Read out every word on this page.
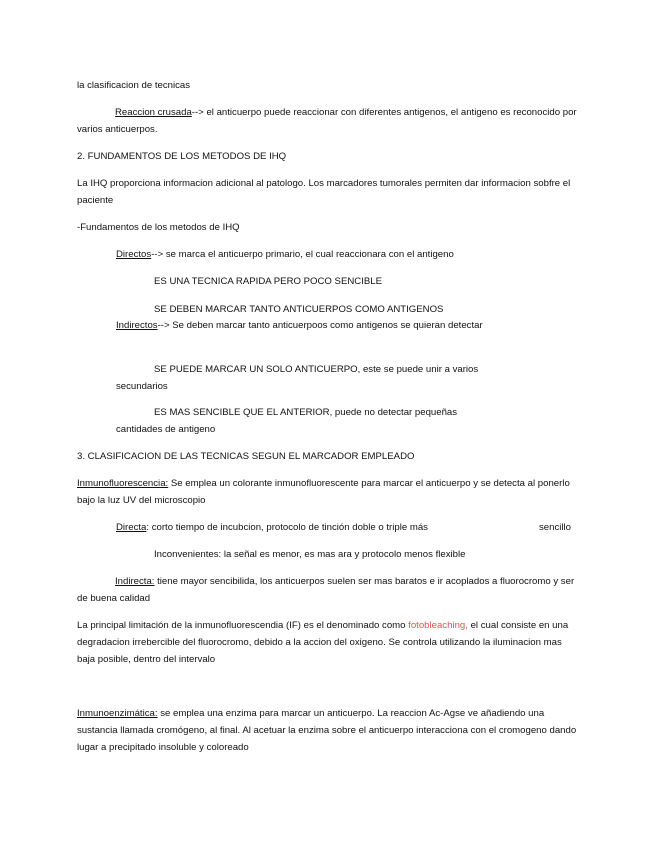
la clasificacion de tecnicas

Reaccion crusada--> el anticuerpo puede reaccionar con diferentes antigenos, el antigeno es reconocido por varios anticuerpos.

2. FUNDAMENTOS DE LOS METODOS DE IHQ

La IHQ proporciona informacion adicional al patologo. Los marcadores tumorales permiten dar informacion sobfre el paciente

-Fundamentos de los metodos de IHQ

Directos--> se marca el anticuerpo primario, el cual reaccionara con el antigeno

ES UNA TECNICA RAPIDA PERO POCO SENCIBLE

SE DEBEN MARCAR TANTO ANTICUERPOS COMO ANTIGENOS

Indirectos--> Se deben marcar tanto anticuerpoos como antigenos se quieran detectar

SE PUEDE MARCAR UN SOLO ANTICUERPO, este se puede unir a varios secundarios

ES MAS SENCIBLE QUE EL ANTERIOR, puede no detectar pequeñas cantidades de antigeno

3. CLASIFICACION DE LAS TECNICAS SEGUN EL MARCADOR EMPLEADO

Inmunofluorescencia: Se emplea un colorante inmunofluorescente para marcar el anticuerpo y se detecta al ponerlo bajo la luz UV del microscopio

Directa: corto tiempo de incubcion, protocolo de tinción doble o triple más	sencillo

Inconvenientes: la señal es menor, es mas ara y protocolo menos flexible

Indirecta: tiene mayor sencibilida, los anticuerpos suelen ser mas baratos e ir acoplados a fluorocromo y ser de buena calidad

La principal limitación de la inmunofluorescendia (IF) es el denominado como fotobleaching, el cual consiste en una degradacion irrebercible del fluorocromo, debido a la accion del oxigeno. Se controla utilizando la iluminacion mas baja posible, dentro del intervalo

Inmunoenzimática: se emplea una enzima para marcar un anticuerpo. La reaccion Ac-Agse ve añadiendo una sustancia llamada cromógeno, al final. Al acetuar la enzima sobre el anticuerpo interacciona con el cromogeno dando lugar a precipitado insoluble y coloreado
